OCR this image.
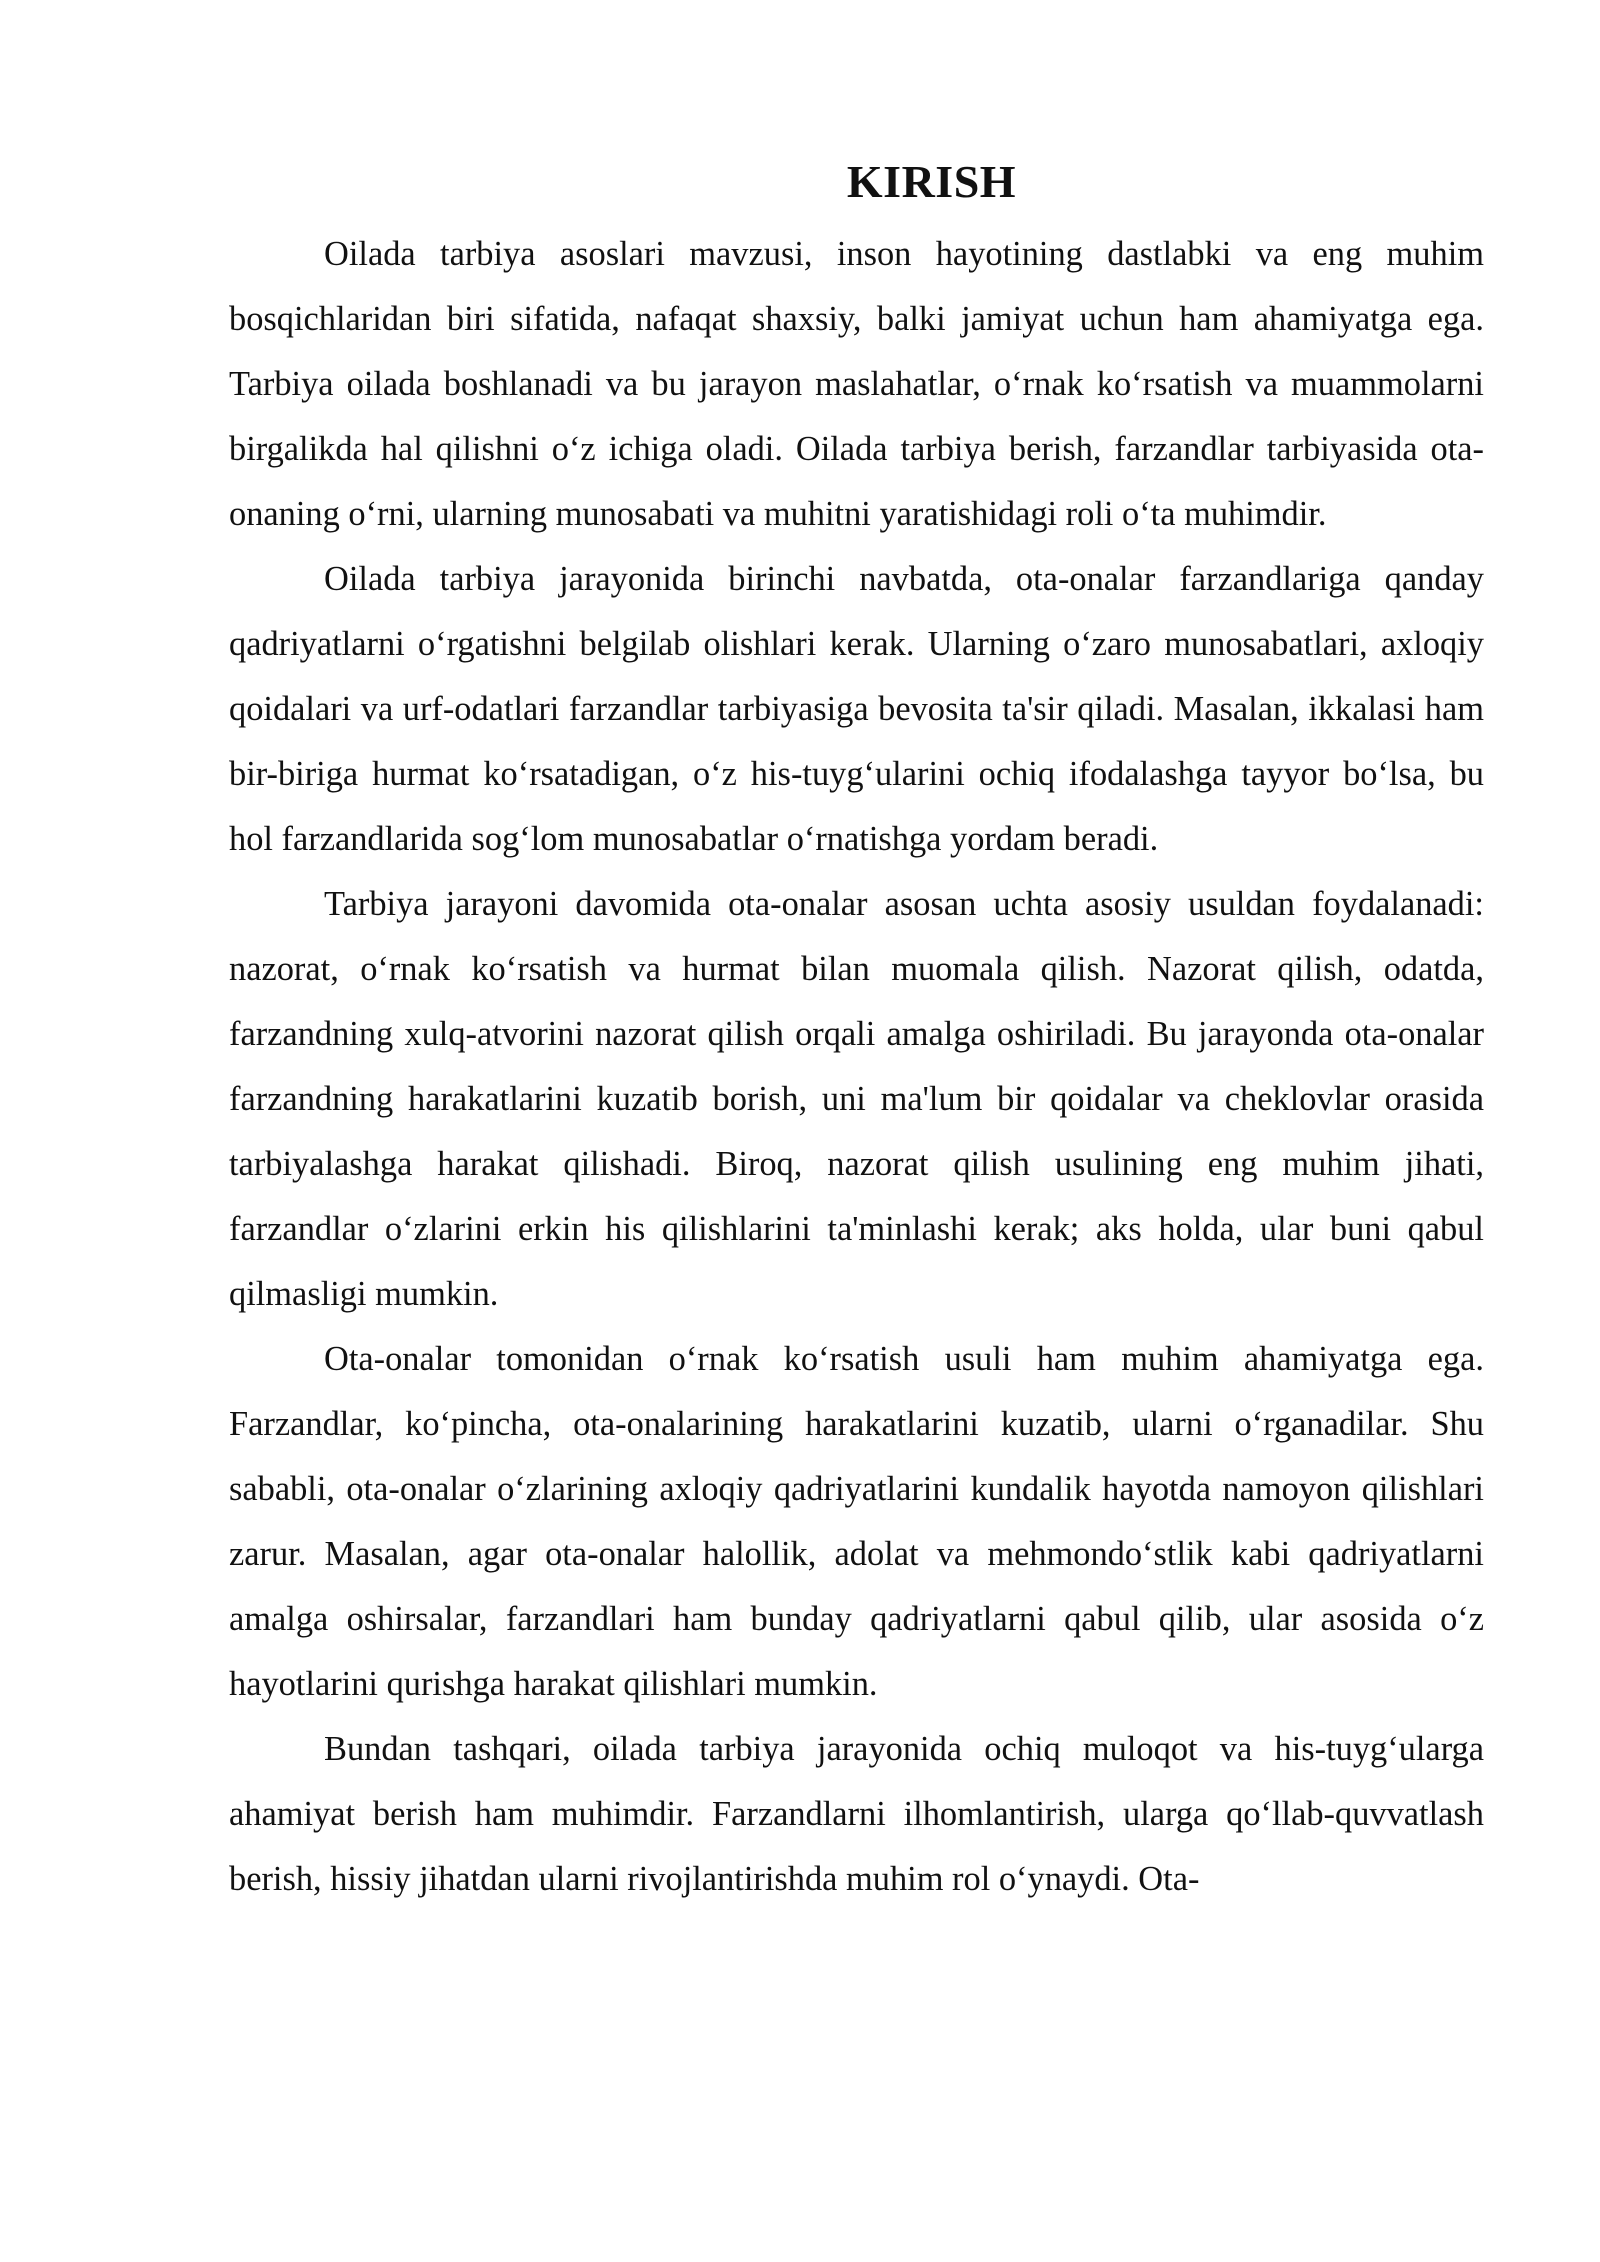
KIRISH

Oilada tarbiya asoslari mavzusi, inson hayotining dastlabki va eng muhim bosqichlaridan biri sifatida, nafaqat shaxsiy, balki jamiyat uchun ham ahamiyatga ega. Tarbiya oilada boshlanadi va bu jarayon maslahatlar, o‘rnak ko‘rsatish va muammolarni birgalikda hal qilishni o‘z ichiga oladi. Oilada tarbiya berish, farzandlar tarbiyasida ota-onaning o‘rni, ularning munosabati va muhitni yaratishidagi roli o‘ta muhimdir.

Oilada tarbiya jarayonida birinchi navbatda, ota-onalar farzandlariga qanday qadriyatlarni o‘rgatishni belgilab olishlari kerak. Ularning o‘zaro munosabatlari, axloqiy qoidalari va urf-odatlari farzandlar tarbiyasiga bevosita ta'sir qiladi. Masalan, ikkalasi ham bir-biriga hurmat ko‘rsatadigan, o‘z his-tuyg‘ularini ochiq ifodalashga tayyor bo‘lsa, bu hol farzandlarida sog‘lom munosabatlar o‘rnatishga yordam beradi.

Tarbiya jarayoni davomida ota-onalar asosan uchta asosiy usuldan foydalanadi: nazorat, o‘rnak ko‘rsatish va hurmat bilan muomala qilish. Nazorat qilish, odatda, farzandning xulq-atvorini nazorat qilish orqali amalga oshiriladi. Bu jarayonda ota-onalar farzandning harakatlarini kuzatib borish, uni ma'lum bir qoidalar va cheklovlar orasida tarbiyalashga harakat qilishadi. Biroq, nazorat qilish usulining eng muhim jihati, farzandlar o‘zlarini erkin his qilishlarini ta'minlashi kerak; aks holda, ular buni qabul qilmasligi mumkin.

Ota-onalar tomonidan o‘rnak ko‘rsatish usuli ham muhim ahamiyatga ega. Farzandlar, ko‘pincha, ota-onalarining harakatlarini kuzatib, ularni o‘rganadilar. Shu sababli, ota-onalar o‘zlarining axloqiy qadriyatlarini kundalik hayotda namoyon qilishlari zarur. Masalan, agar ota-onalar halollik, adolat va mehmondo‘stlik kabi qadriyatlarni amalga oshirsalar, farzandlari ham bunday qadriyatlarni qabul qilib, ular asosida o‘z hayotlarini qurishga harakat qilishlari mumkin.

Bundan tashqari, oilada tarbiya jarayonida ochiq muloqot va his-tuyg‘ularga ahamiyat berish ham muhimdir. Farzandlarni ilhomlantirish, ularga qo‘llab-quvvatlash berish, hissiy jihatdan ularni rivojlantirishda muhim rol o‘ynaydi. Ota-
